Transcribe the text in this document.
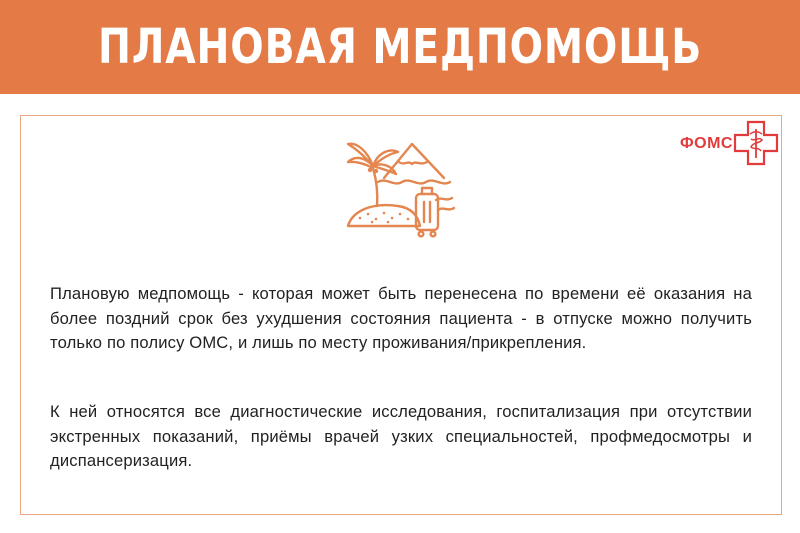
ПЛАНОВАЯ МЕДПОМОЩЬ
ФОМС

Плановую медпомощь - которая может быть перенесена по времени её оказания на более поздний срок без ухудшения состояния пациента - в отпуске можно получить только по полису ОМС, и лишь по месту проживания/прикрепления.

К ней относятся все диагностические исследования, госпитализация при отсутствии экстренных показаний, приёмы врачей узких специальностей, профмедосмотры и диспансеризация.
